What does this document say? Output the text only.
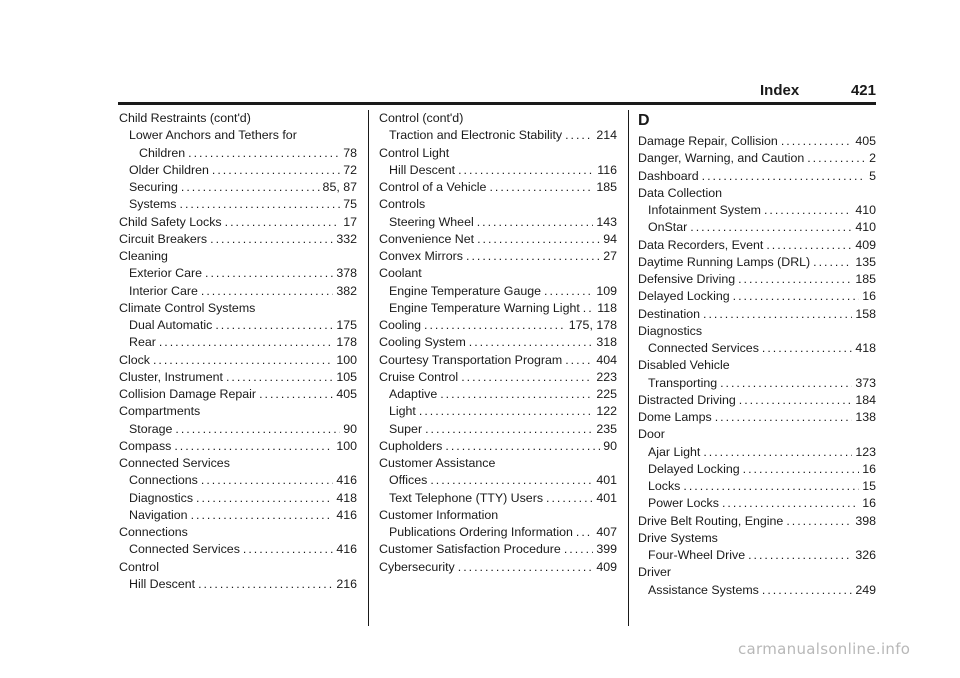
Index	421
Child Restraints (cont'd)
Lower Anchors and Tethers for
Children .....	78
Older Children .....	72
Securing .....	85, 87
Systems .....	75
Child Safety Locks .....	17
Circuit Breakers .....	332
Cleaning
Exterior Care .....	378
Interior Care .....	382
Climate Control Systems
Dual Automatic .....	175
Rear .....	178
Clock .....	100
Cluster, Instrument .....	105
Collision Damage Repair .....	405
Compartments
Storage .....	90
Compass .....	100
Connected Services
Connections .....	416
Diagnostics .....	418
Navigation .....	416
Connections
Connected Services .....	416
Control
Hill Descent .....	216
Control (cont'd)
Traction and Electronic Stability .....	214
Control Light
Hill Descent .....	116
Control of a Vehicle .....	185
Controls
Steering Wheel .....	143
Convenience Net .....	94
Convex Mirrors .....	27
Coolant
Engine Temperature Gauge .....	109
Engine Temperature Warning Light ..... 118
Cooling .....	175, 178
Cooling System .....	318
Courtesy Transportation Program .....	404
Cruise Control .....	223
Adaptive .....	225
Light .....	122
Super .....	235
Cupholders .....	90
Customer Assistance
Offices .....	401
Text Telephone (TTY) Users .....	401
Customer Information
Publications Ordering Information ..... 407
Customer Satisfaction Procedure .....	399
Cybersecurity .....	409
D
Damage Repair, Collision .....	405
Danger, Warning, and Caution .....	2
Dashboard .....	5
Data Collection
Infotainment System .....	410
OnStar .....	410
Data Recorders, Event .....	409
Daytime Running Lamps (DRL) .....	135
Defensive Driving .....	185
Delayed Locking .....	16
Destination .....	158
Diagnostics
Connected Services .....	418
Disabled Vehicle
Transporting .....	373
Distracted Driving .....	184
Dome Lamps .....	138
Door
Ajar Light .....	123
Delayed Locking .....	16
Locks .....	15
Power Locks .....	16
Drive Belt Routing, Engine .....	398
Drive Systems
Four-Wheel Drive .....	326
Driver
Assistance Systems .....	249
carmanualsonline.info
